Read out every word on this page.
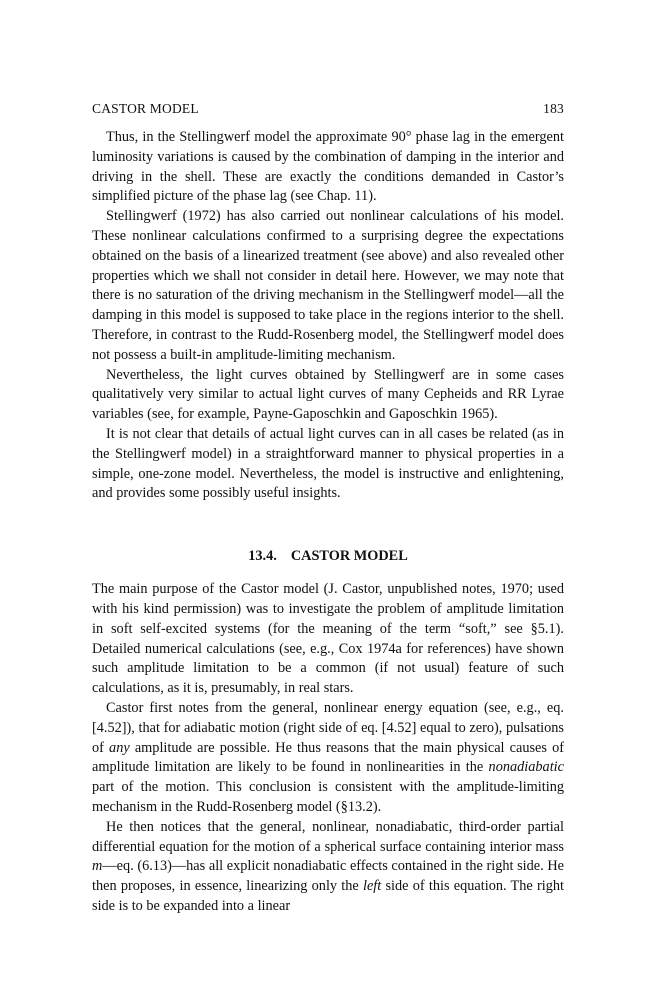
CASTOR MODEL	183

Thus, in the Stellingwerf model the approximate 90° phase lag in the emergent luminosity variations is caused by the combination of damping in the interior and driving in the shell. These are exactly the conditions demanded in Castor’s simplified picture of the phase lag (see Chap. 11).

Stellingwerf (1972) has also carried out nonlinear calculations of his model. These nonlinear calculations confirmed to a surprising degree the expectations obtained on the basis of a linearized treatment (see above) and also revealed other properties which we shall not consider in detail here. However, we may note that there is no saturation of the driving mechanism in the Stellingwerf model—all the damping in this model is supposed to take place in the regions interior to the shell. Therefore, in contrast to the Rudd-Rosenberg model, the Stellingwerf model does not possess a built-in amplitude-limiting mechanism.

Nevertheless, the light curves obtained by Stellingwerf are in some cases qualitatively very similar to actual light curves of many Cepheids and RR Lyrae variables (see, for example, Payne-Gaposchkin and Gaposchkin 1965).

It is not clear that details of actual light curves can in all cases be related (as in the Stellingwerf model) in a straightforward manner to physical properties in a simple, one-zone model. Nevertheless, the model is instructive and enlightening, and provides some possibly useful insights.

13.4. CASTOR MODEL

The main purpose of the Castor model (J. Castor, unpublished notes, 1970; used with his kind permission) was to investigate the problem of amplitude limitation in soft self-excited systems (for the meaning of the term “soft,” see §5.1). Detailed numerical calculations (see, e.g., Cox 1974a for references) have shown such amplitude limitation to be a common (if not usual) feature of such calculations, as it is, presumably, in real stars.

Castor first notes from the general, nonlinear energy equation (see, e.g., eq. [4.52]), that for adiabatic motion (right side of eq. [4.52] equal to zero), pulsations of any amplitude are possible. He thus reasons that the main physical causes of amplitude limitation are likely to be found in nonlinearities in the nonadiabatic part of the motion. This conclusion is consistent with the amplitude-limiting mechanism in the Rudd-Rosenberg model (§13.2).

He then notices that the general, nonlinear, nonadiabatic, third-order partial differential equation for the motion of a spherical surface containing interior mass m—eq. (6.13)—has all explicit nonadiabatic effects contained in the right side. He then proposes, in essence, linearizing only the left side of this equation. The right side is to be expanded into a linear
